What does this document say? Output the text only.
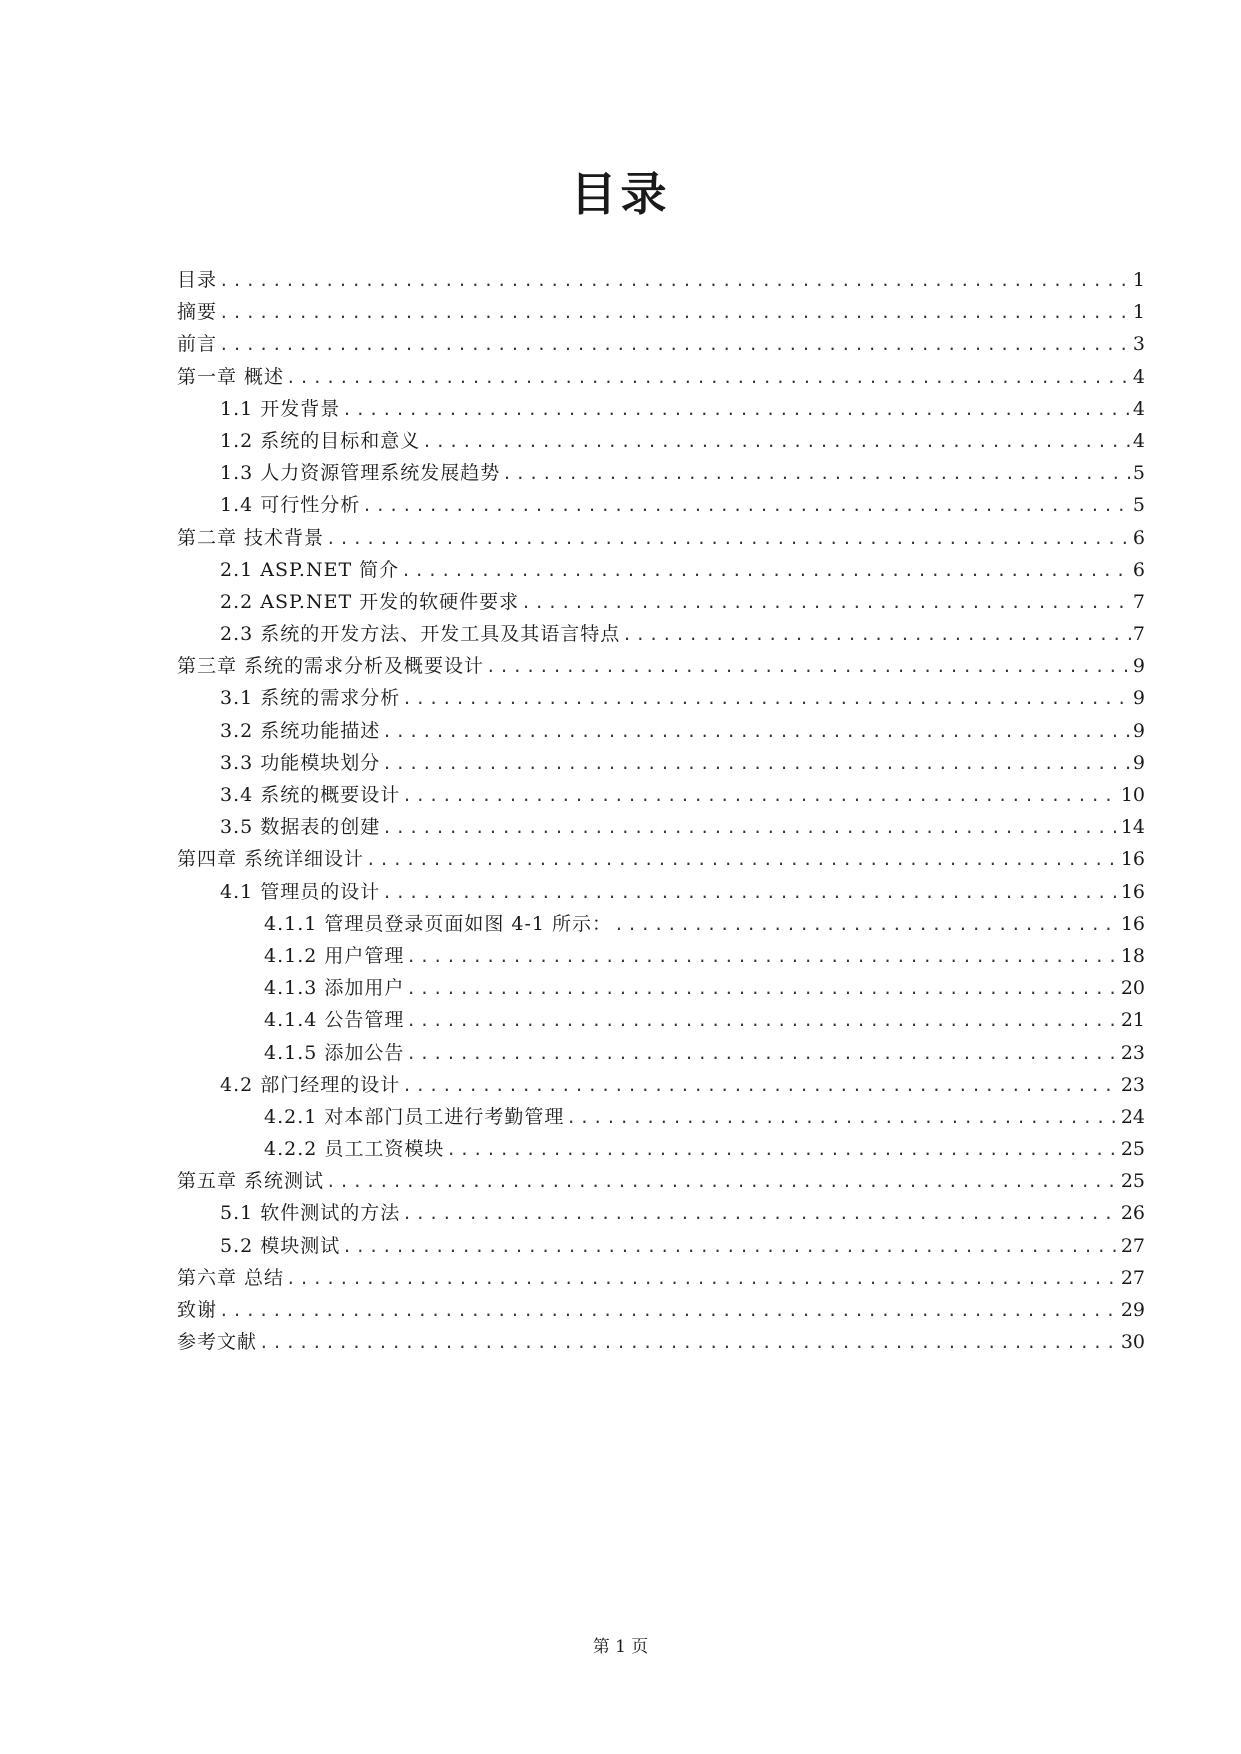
目录
目录 .....	1
摘要 .....	1
前言 .....	3
第一章 概述 .....	4
1.1 开发背景 .....	4
1.2 系统的目标和意义 .....	4
1.3 人力资源管理系统发展趋势 .....	5
1.4 可行性分析 .....	5
第二章 技术背景 .....	6
2.1 ASP.NET 简介 .....	6
2.2 ASP.NET 开发的软硬件要求 .....	7
2.3 系统的开发方法、开发工具及其语言特点 .....	7
第三章 系统的需求分析及概要设计 .....	9
3.1 系统的需求分析 .....	9
3.2 系统功能描述 .....	9
3.3 功能模块划分 .....	9
3.4 系统的概要设计 .....	10
3.5 数据表的创建 .....	14
第四章 系统详细设计 .....	16
4.1 管理员的设计 .....	16
4.1.1 管理员登录页面如图 4-1 所示： .....	16
4.1.2 用户管理 .....	18
4.1.3 添加用户 .....	20
4.1.4 公告管理 .....	21
4.1.5 添加公告 .....	23
4.2 部门经理的设计 .....	23
4.2.1 对本部门员工进行考勤管理 .....	24
4.2.2 员工工资模块 .....	25
第五章 系统测试 .....	25
5.1 软件测试的方法 .....	26
5.2 模块测试 .....	27
第六章 总结 .....	27
致谢 .....	29
参考文献 .....	30
第 1 页
